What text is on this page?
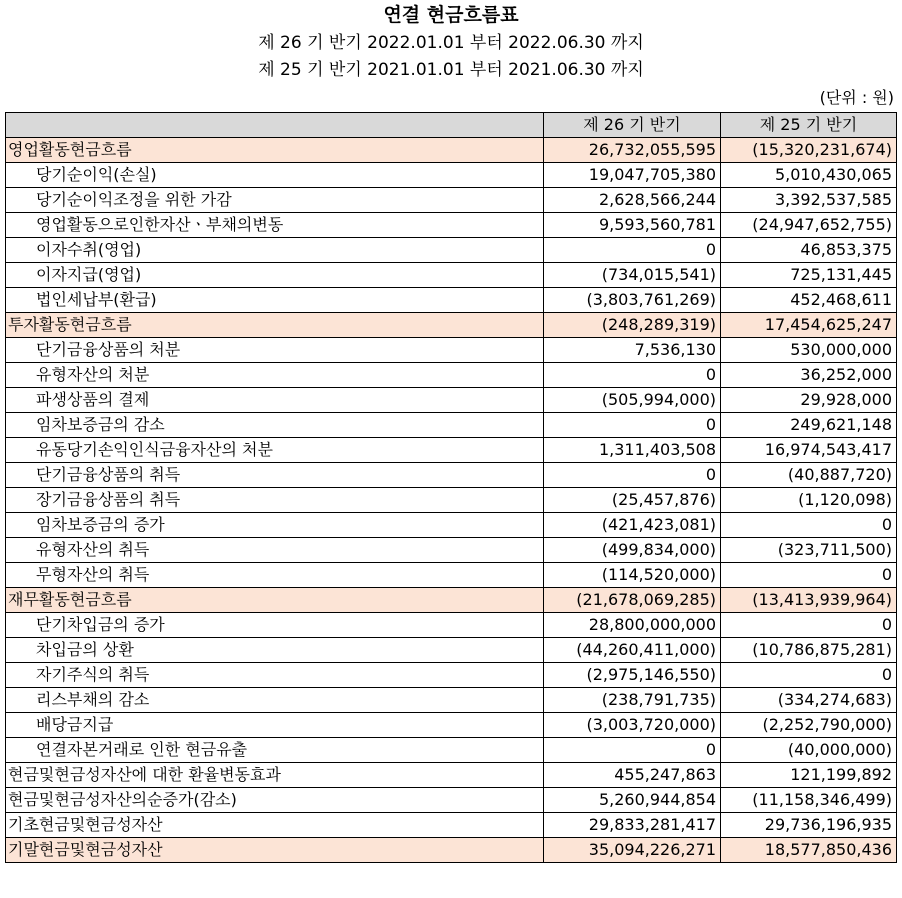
연결 현금흐름표
제 26 기 반기 2022.01.01 부터 2022.06.30 까지
제 25 기 반기 2021.01.01 부터 2021.06.30 까지
(단위 : 원)
	제 26 기 반기	제 25 기 반기
영업활동현금흐름	26,732,055,595	(15,320,231,674)
당기순이익(손실)	19,047,705,380	5,010,430,065
당기순이익조정을 위한 가감	2,628,566,244	3,392,537,585
영업활동으로인한자산ㆍ부채의변동	9,593,560,781	(24,947,652,755)
이자수취(영업)	0	46,853,375
이자지급(영업)	(734,015,541)	725,131,445
법인세납부(환급)	(3,803,761,269)	452,468,611
투자활동현금흐름	(248,289,319)	17,454,625,247
단기금융상품의 처분	7,536,130	530,000,000
유형자산의 처분	0	36,252,000
파생상품의 결제	(505,994,000)	29,928,000
임차보증금의 감소	0	249,621,148
유동당기손익인식금융자산의 처분	1,311,403,508	16,974,543,417
단기금융상품의 취득	0	(40,887,720)
장기금융상품의 취득	(25,457,876)	(1,120,098)
임차보증금의 증가	(421,423,081)	0
유형자산의 취득	(499,834,000)	(323,711,500)
무형자산의 취득	(114,520,000)	0
재무활동현금흐름	(21,678,069,285)	(13,413,939,964)
단기차입금의 증가	28,800,000,000	0
차입금의 상환	(44,260,411,000)	(10,786,875,281)
자기주식의 취득	(2,975,146,550)	0
리스부채의 감소	(238,791,735)	(334,274,683)
배당금지급	(3,003,720,000)	(2,252,790,000)
연결자본거래로 인한 현금유출	0	(40,000,000)
현금및현금성자산에 대한 환율변동효과	455,247,863	121,199,892
현금및현금성자산의순증가(감소)	5,260,944,854	(11,158,346,499)
기초현금및현금성자산	29,833,281,417	29,736,196,935
기말현금및현금성자산	35,094,226,271	18,577,850,436
